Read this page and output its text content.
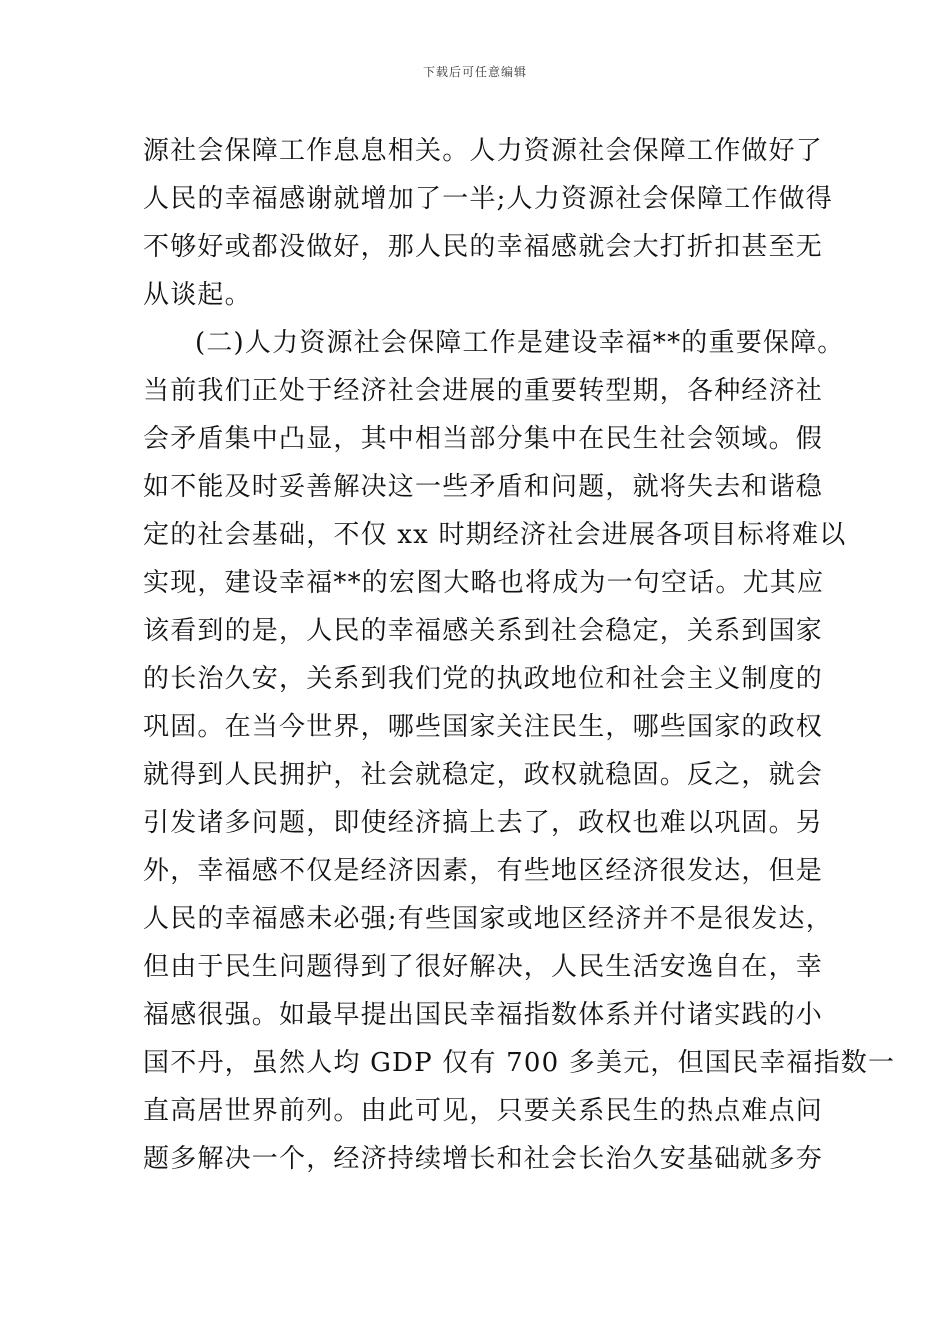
下载后可任意编辑
源社会保障工作息息相关。人力资源社会保障工作做好了
人民的幸福感谢就增加了一半;人力资源社会保障工作做得
不够好或都没做好，那人民的幸福感就会大打折扣甚至无
从谈起。
(二)人力资源社会保障工作是建设幸福**的重要保障。
当前我们正处于经济社会进展的重要转型期，各种经济社
会矛盾集中凸显，其中相当部分集中在民生社会领域。假
如不能及时妥善解决这一些矛盾和问题，就将失去和谐稳
定的社会基础，不仅 xx 时期经济社会进展各项目标将难以
实现，建设幸福**的宏图大略也将成为一句空话。尤其应
该看到的是，人民的幸福感关系到社会稳定，关系到国家
的长治久安，关系到我们党的执政地位和社会主义制度的
巩固。在当今世界，哪些国家关注民生，哪些国家的政权
就得到人民拥护，社会就稳定，政权就稳固。反之，就会
引发诸多问题，即使经济搞上去了，政权也难以巩固。另
外，幸福感不仅是经济因素，有些地区经济很发达，但是
人民的幸福感未必强;有些国家或地区经济并不是很发达，
但由于民生问题得到了很好解决，人民生活安逸自在，幸
福感很强。如最早提出国民幸福指数体系并付诸实践的小
国不丹，虽然人均 GDP 仅有 700 多美元，但国民幸福指数一
直高居世界前列。由此可见，只要关系民生的热点难点问
题多解决一个，经济持续增长和社会长治久安基础就多夯
